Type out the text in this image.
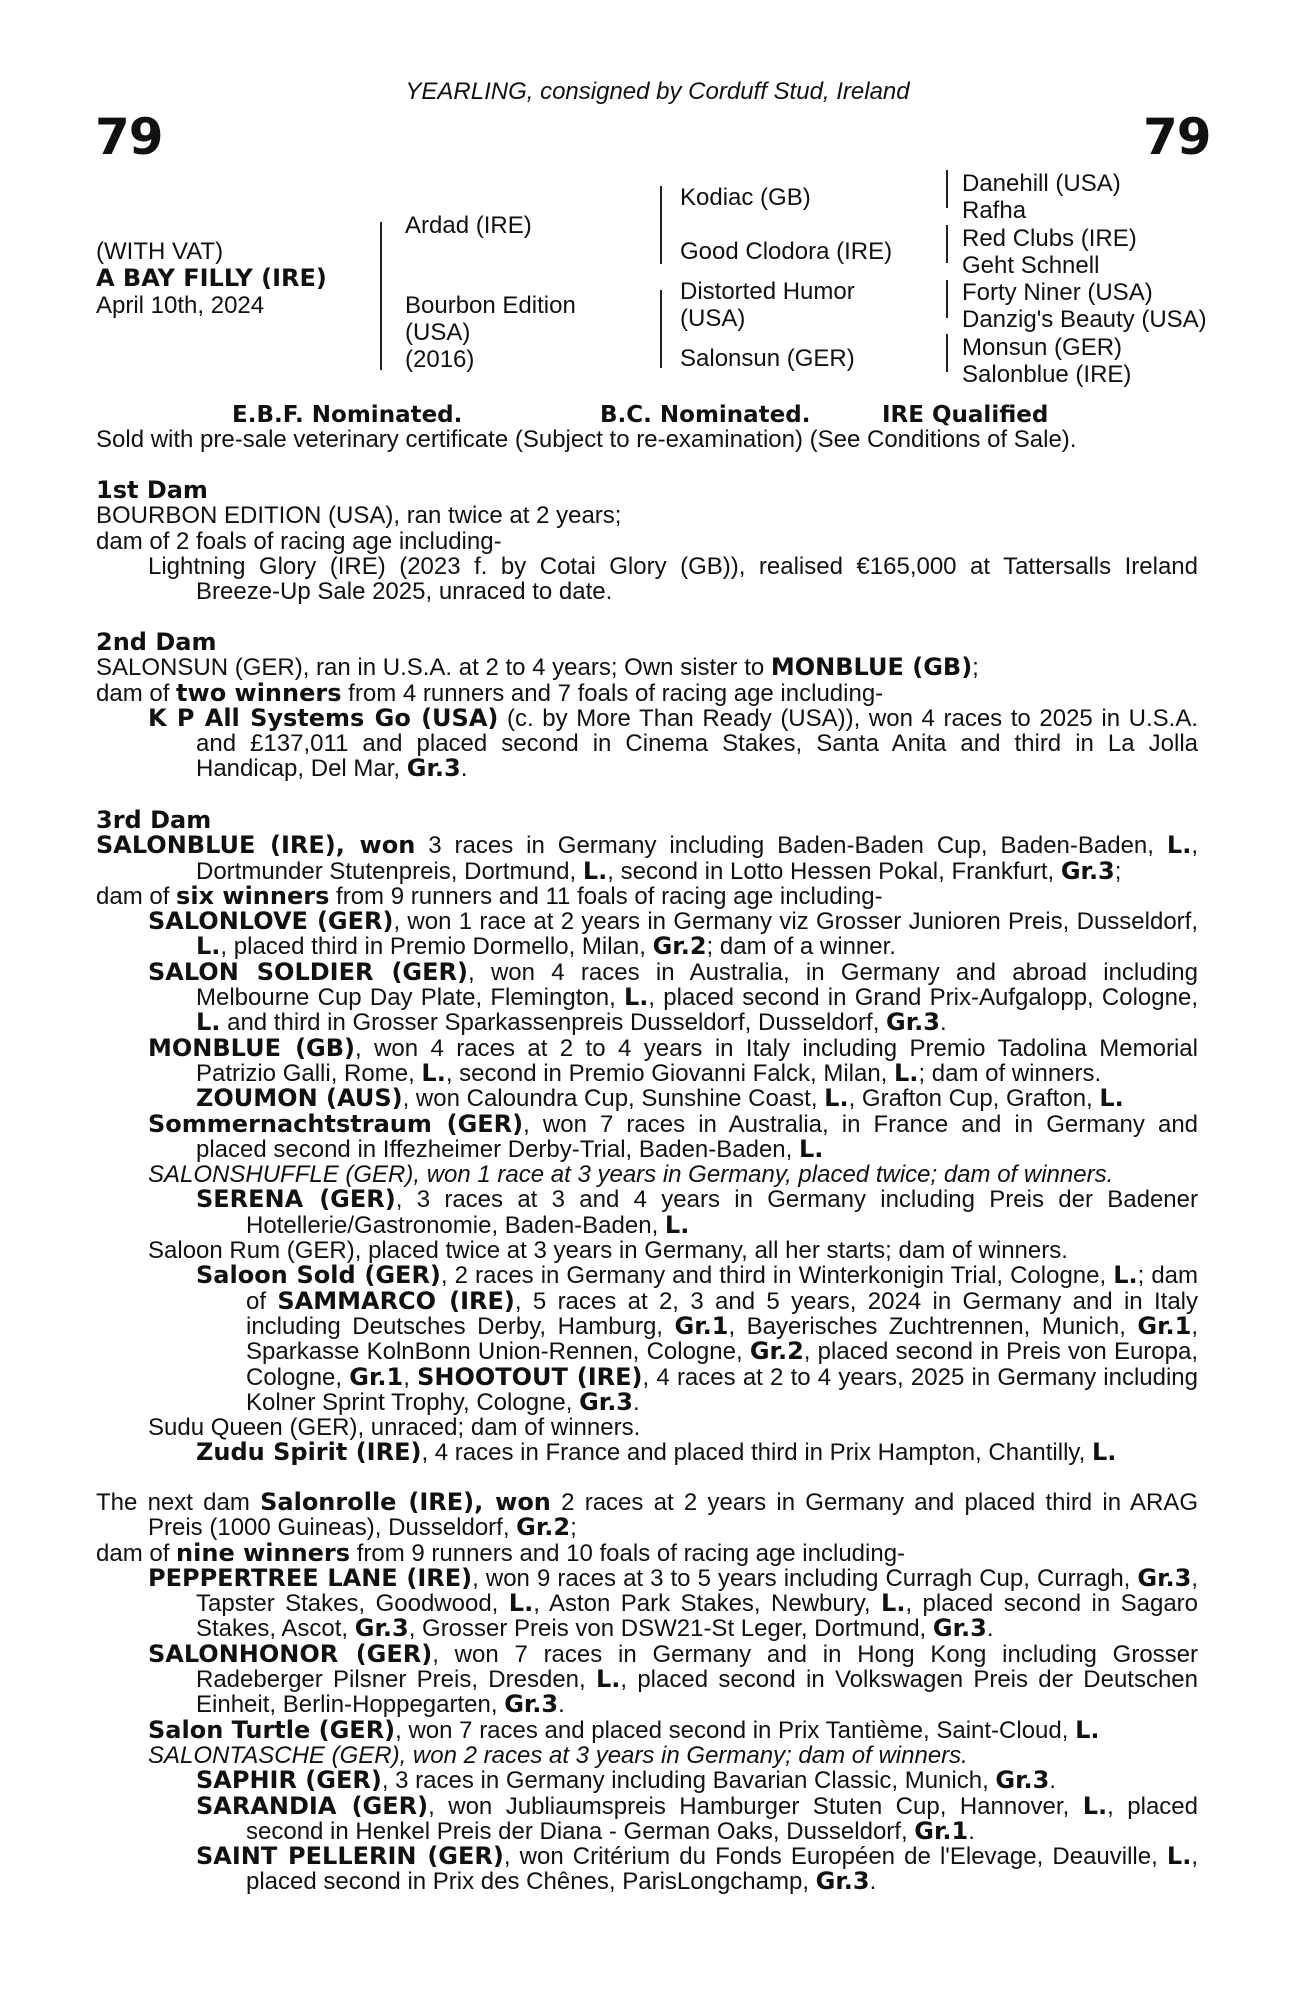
YEARLING, consigned by Corduff Stud, Ireland
79	79
(WITH VAT)
A BAY FILLY (IRE)
April 10th, 2024
Ardad (IRE)
Bourbon Edition
(USA)
(2016)
Kodiac (GB)
Good Clodora (IRE)
Distorted Humor
(USA)
Salonsun (GER)
Danehill (USA)
Rafha
Red Clubs (IRE)
Geht Schnell
Forty Niner (USA)
Danzig's Beauty (USA)
Monsun (GER)
Salonblue (IRE)
E.B.F. Nominated.	B.C. Nominated.	IRE Qualified
Sold with pre-sale veterinary certificate (Subject to re-examination) (See Conditions of Sale).
1st Dam
BOURBON EDITION (USA), ran twice at 2 years;
dam of 2 foals of racing age including-
Lightning Glory (IRE) (2023 f. by Cotai Glory (GB)), realised €165,000 at Tattersalls Ireland Breeze-Up Sale 2025, unraced to date.
2nd Dam
SALONSUN (GER), ran in U.S.A. at 2 to 4 years; Own sister to MONBLUE (GB);
dam of two winners from 4 runners and 7 foals of racing age including-
K P All Systems Go (USA) (c. by More Than Ready (USA)), won 4 races to 2025 in U.S.A. and £137,011 and placed second in Cinema Stakes, Santa Anita and third in La Jolla Handicap, Del Mar, Gr.3.
3rd Dam
SALONBLUE (IRE), won 3 races in Germany including Baden-Baden Cup, Baden-Baden, L., Dortmunder Stutenpreis, Dortmund, L., second in Lotto Hessen Pokal, Frankfurt, Gr.3;
dam of six winners from 9 runners and 11 foals of racing age including-
SALONLOVE (GER), won 1 race at 2 years in Germany viz Grosser Junioren Preis, Dusseldorf, L., placed third in Premio Dormello, Milan, Gr.2; dam of a winner.
SALON SOLDIER (GER), won 4 races in Australia, in Germany and abroad including Melbourne Cup Day Plate, Flemington, L., placed second in Grand Prix-Aufgalopp, Cologne, L. and third in Grosser Sparkassenpreis Dusseldorf, Dusseldorf, Gr.3.
MONBLUE (GB), won 4 races at 2 to 4 years in Italy including Premio Tadolina Memorial Patrizio Galli, Rome, L., second in Premio Giovanni Falck, Milan, L.; dam of winners.
ZOUMON (AUS), won Caloundra Cup, Sunshine Coast, L., Grafton Cup, Grafton, L.
Sommernachtstraum (GER), won 7 races in Australia, in France and in Germany and placed second in Iffezheimer Derby-Trial, Baden-Baden, L.
SALONSHUFFLE (GER), won 1 race at 3 years in Germany, placed twice; dam of winners.
SERENA (GER), 3 races at 3 and 4 years in Germany including Preis der Badener Hotellerie/Gastronomie, Baden-Baden, L.
Saloon Rum (GER), placed twice at 3 years in Germany, all her starts; dam of winners.
Saloon Sold (GER), 2 races in Germany and third in Winterkonigin Trial, Cologne, L.; dam of SAMMARCO (IRE), 5 races at 2, 3 and 5 years, 2024 in Germany and in Italy including Deutsches Derby, Hamburg, Gr.1, Bayerisches Zuchtrennen, Munich, Gr.1, Sparkasse KolnBonn Union-Rennen, Cologne, Gr.2, placed second in Preis von Europa, Cologne, Gr.1, SHOOTOUT (IRE), 4 races at 2 to 4 years, 2025 in Germany including Kolner Sprint Trophy, Cologne, Gr.3.
Sudu Queen (GER), unraced; dam of winners.
Zudu Spirit (IRE), 4 races in France and placed third in Prix Hampton, Chantilly, L.
The next dam Salonrolle (IRE), won 2 races at 2 years in Germany and placed third in ARAG Preis (1000 Guineas), Dusseldorf, Gr.2;
dam of nine winners from 9 runners and 10 foals of racing age including-
PEPPERTREE LANE (IRE), won 9 races at 3 to 5 years including Curragh Cup, Curragh, Gr.3, Tapster Stakes, Goodwood, L., Aston Park Stakes, Newbury, L., placed second in Sagaro Stakes, Ascot, Gr.3, Grosser Preis von DSW21-St Leger, Dortmund, Gr.3.
SALONHONOR (GER), won 7 races in Germany and in Hong Kong including Grosser Radeberger Pilsner Preis, Dresden, L., placed second in Volkswagen Preis der Deutschen Einheit, Berlin-Hoppegarten, Gr.3.
Salon Turtle (GER), won 7 races and placed second in Prix Tantième, Saint-Cloud, L.
SALONTASCHE (GER), won 2 races at 3 years in Germany; dam of winners.
SAPHIR (GER), 3 races in Germany including Bavarian Classic, Munich, Gr.3.
SARANDIA (GER), won Jubliaumspreis Hamburger Stuten Cup, Hannover, L., placed second in Henkel Preis der Diana - German Oaks, Dusseldorf, Gr.1.
SAINT PELLERIN (GER), won Critérium du Fonds Européen de l'Elevage, Deauville, L., placed second in Prix des Chênes, ParisLongchamp, Gr.3.
